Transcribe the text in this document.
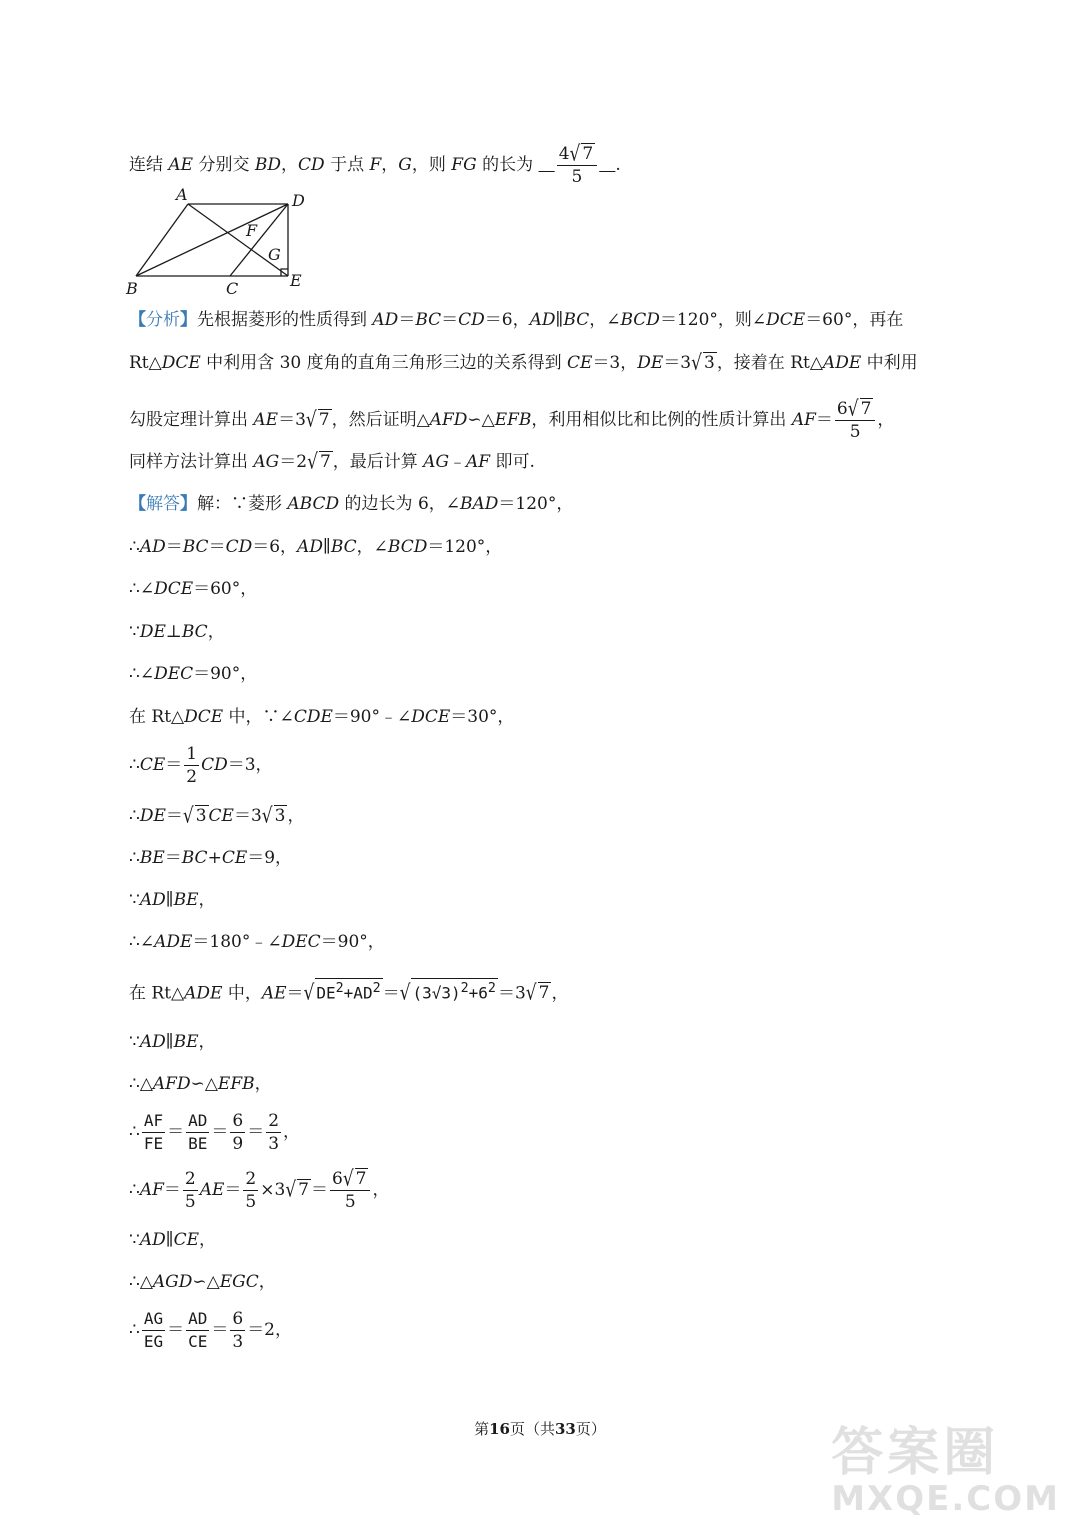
连结 AE 分别交 BD，CD 于点 F，G，则 FG 的长为 $\frac{4√ 7}{5}$ .
A	D
B	C	E
F
G
【分析】先根据菱形的性质得到 AD＝BC＝CD＝6，AD∥BC，∠BCD＝120°，则∠DCE＝60°，再在
Rt△DCE 中利用含 30 度角的直角三角形三边的关系得到 CE＝3，DE＝3√ 3 ，接着在 Rt△ADE 中利用
勾股定理计算出 AE＝3√ 7 ，然后证明△AFD∽△EFB，利用相似比和比例的性质计算出 $AF= \frac{6√ 7}{5}$ ，
同样方法计算出 AG＝2√ 7 ，最后计算 AG﹣AF 即可.
【解答】解：∵菱形 ABCD 的边长为 6，∠BAD＝120°，
∴AD＝BC＝CD＝6，AD∥BC，∠BCD＝120°，
∴∠DCE＝60°，
∵DE⊥BC，
∴∠DEC＝90°，
在 Rt△DCE 中，∵∠CDE＝90°﹣∠DCE＝30°，
∴CE＝ $\frac{1}{2} CD=3$，
∴DE＝√ 3 CE＝3√ 3 ，
∴BE＝BC+CE＝9，
∵AD∥BE，
∴∠ADE＝180°﹣∠DEC＝90°，
在 Rt△ADE 中，AE＝√ $DE^2+AD^2$ ＝√ $(3√3)^2+6^2 =3√$ 7 ，
∵AD∥BE，
∴△AFD∽△EFB，
∴ $\frac{AF}{FE} = \frac{AD}{BE} = \frac{6}{9} = \frac{2}{3}$ ，
∴AF＝ $\frac{2}{5} AE= \frac{2}{5} \times 3√$ $7 = \frac{6√ 7}{5}$ ，
∵AD∥CE，
∴△AGD∽△EGC，
∴ $\frac{AG}{EG} = \frac{AD}{CE} = \frac{6}{3} =2$，
第16页（共33页）	答案圈
MXQE.COM
